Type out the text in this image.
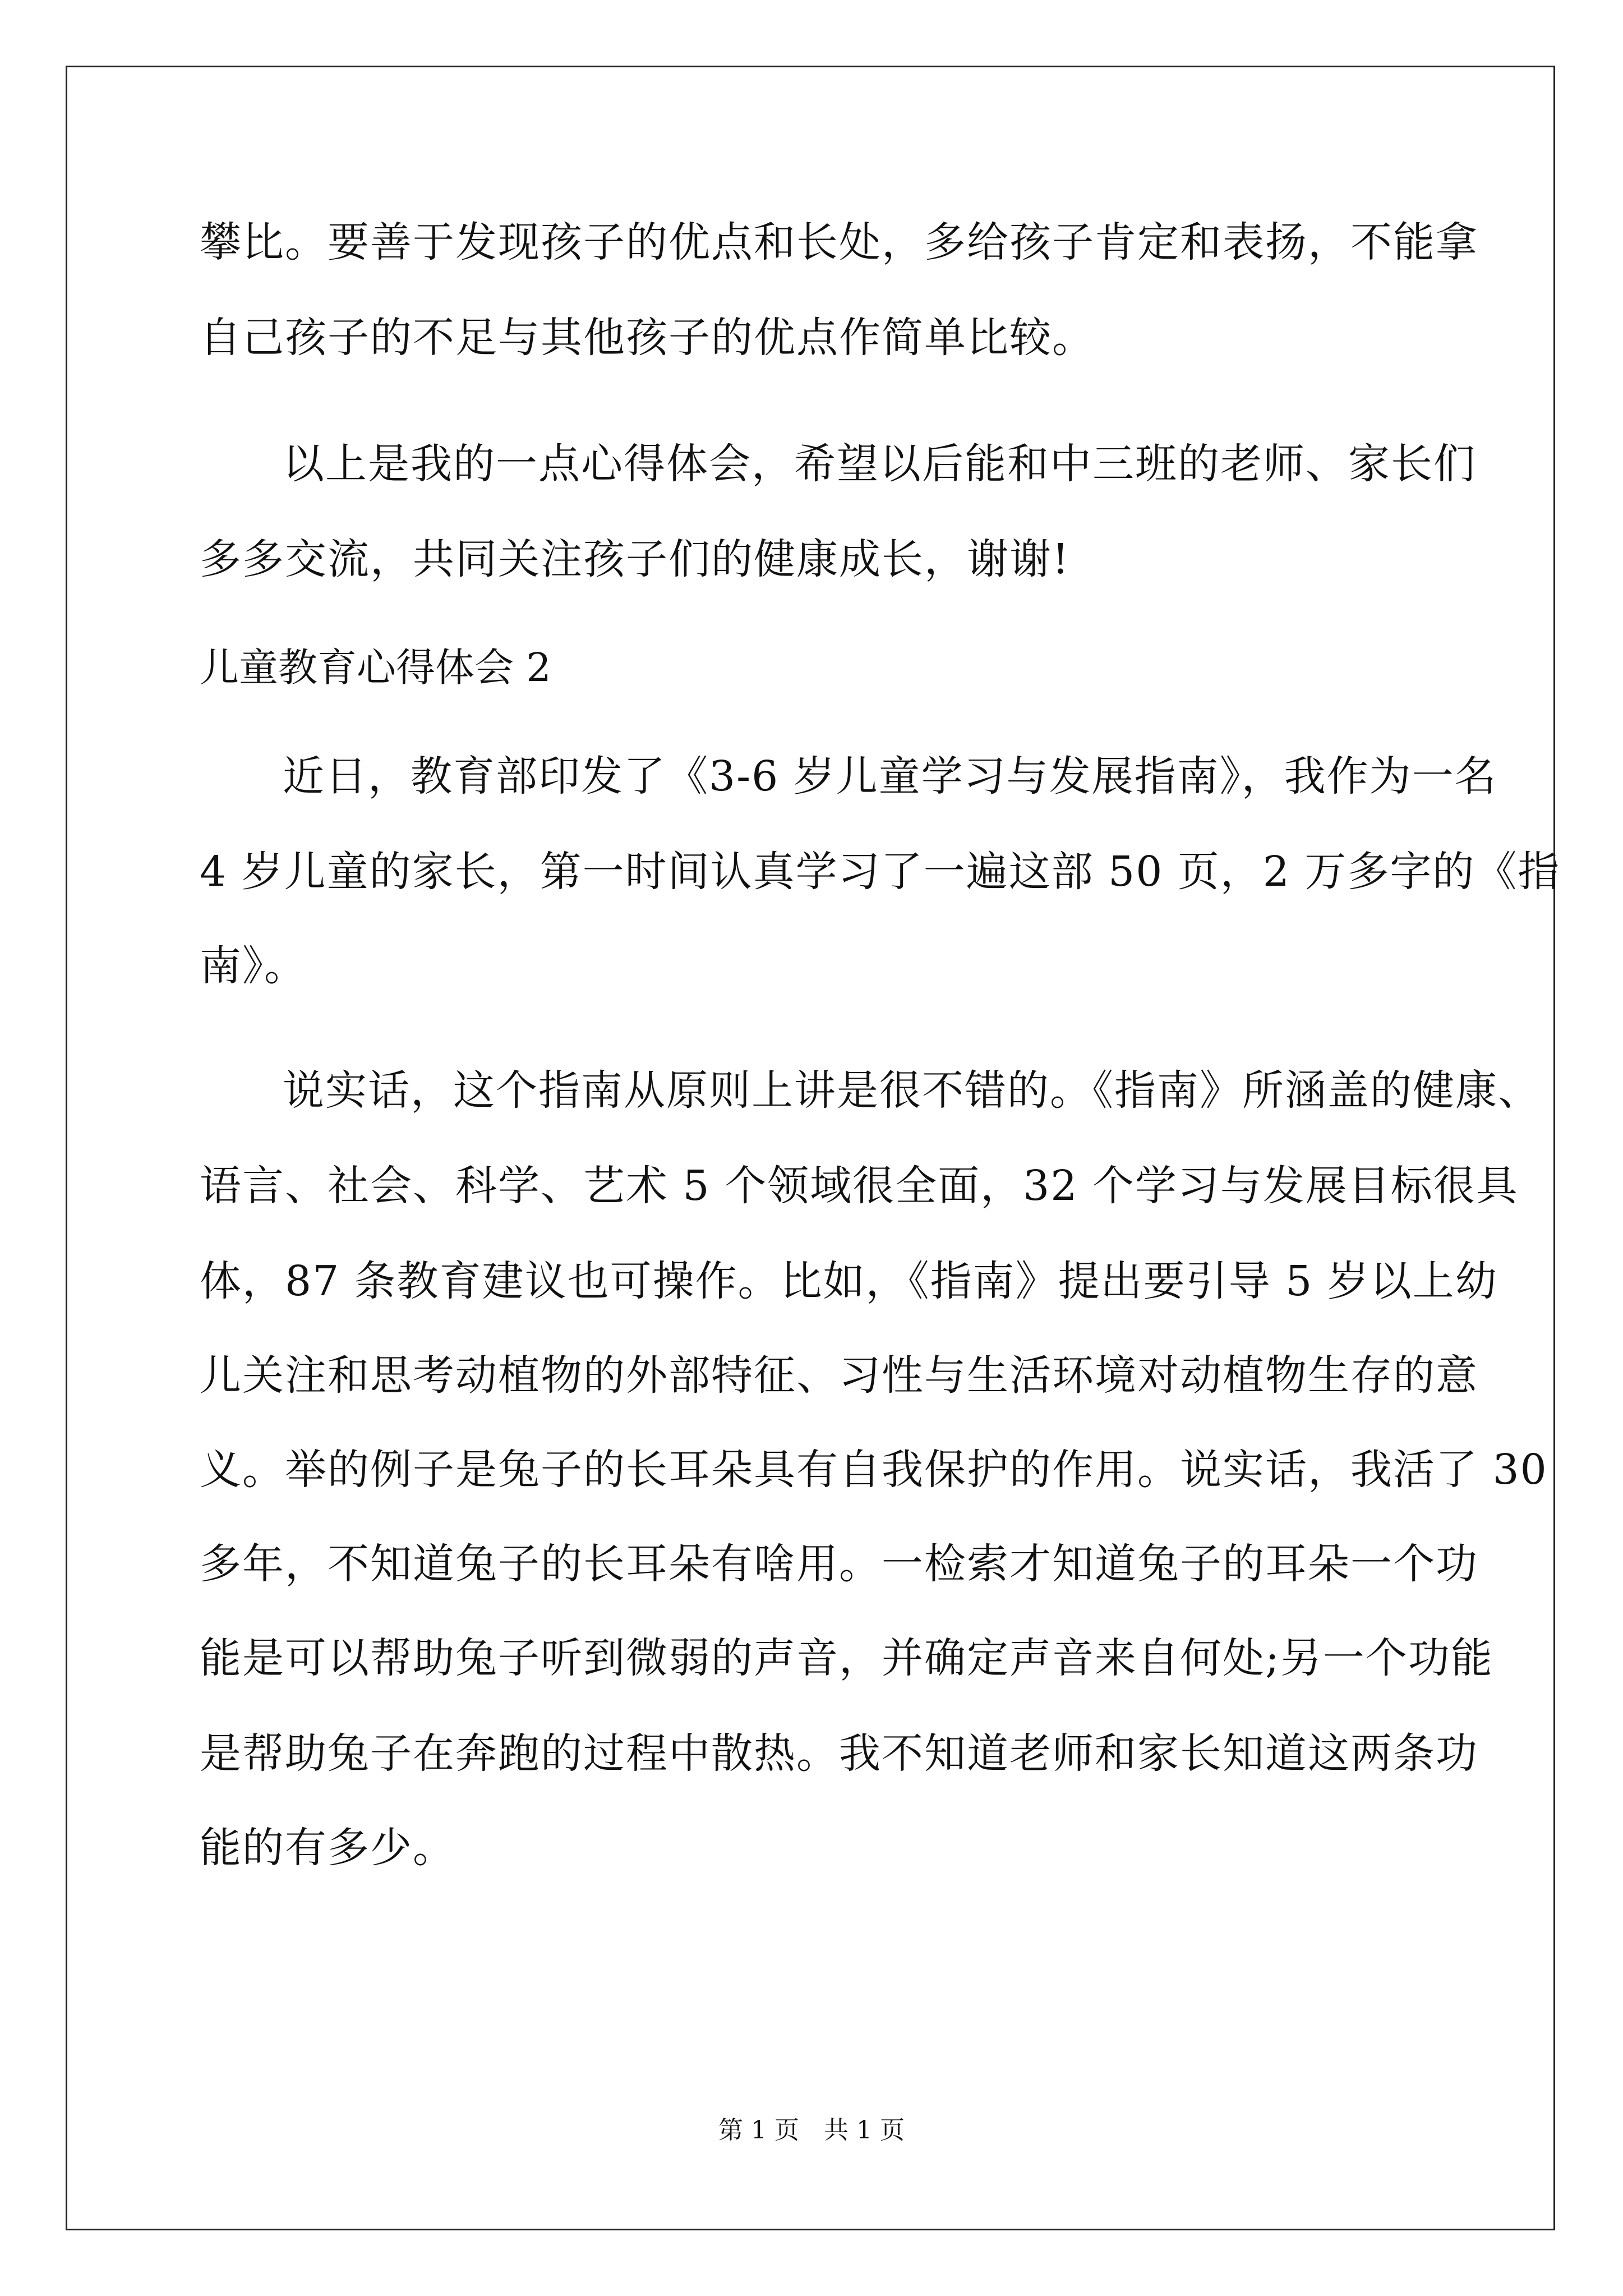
攀比。要善于发现孩子的优点和长处，多给孩子肯定和表扬，不能拿
自己孩子的不足与其他孩子的优点作简单比较。
以上是我的一点心得体会，希望以后能和中三班的老师、家长们
多多交流，共同关注孩子们的健康成长，谢谢!
儿童教育心得体会 2
近日，教育部印发了《3-6 岁儿童学习与发展指南》，我作为一名
4 岁儿童的家长，第一时间认真学习了一遍这部 50 页，2 万多字的《指
南》。
说实话，这个指南从原则上讲是很不错的。《指南》所涵盖的健康、
语言、社会、科学、艺术 5 个领域很全面，32 个学习与发展目标很具
体，87 条教育建议也可操作。比如，《指南》提出要引导 5 岁以上幼
儿关注和思考动植物的外部特征、习性与生活环境对动植物生存的意
义。举的例子是兔子的长耳朵具有自我保护的作用。说实话，我活了 30
多年，不知道兔子的长耳朵有啥用。一检索才知道兔子的耳朵一个功
能是可以帮助兔子听到微弱的声音，并确定声音来自何处;另一个功能
是帮助兔子在奔跑的过程中散热。我不知道老师和家长知道这两条功
能的有多少。
第 1 页　共 1 页
